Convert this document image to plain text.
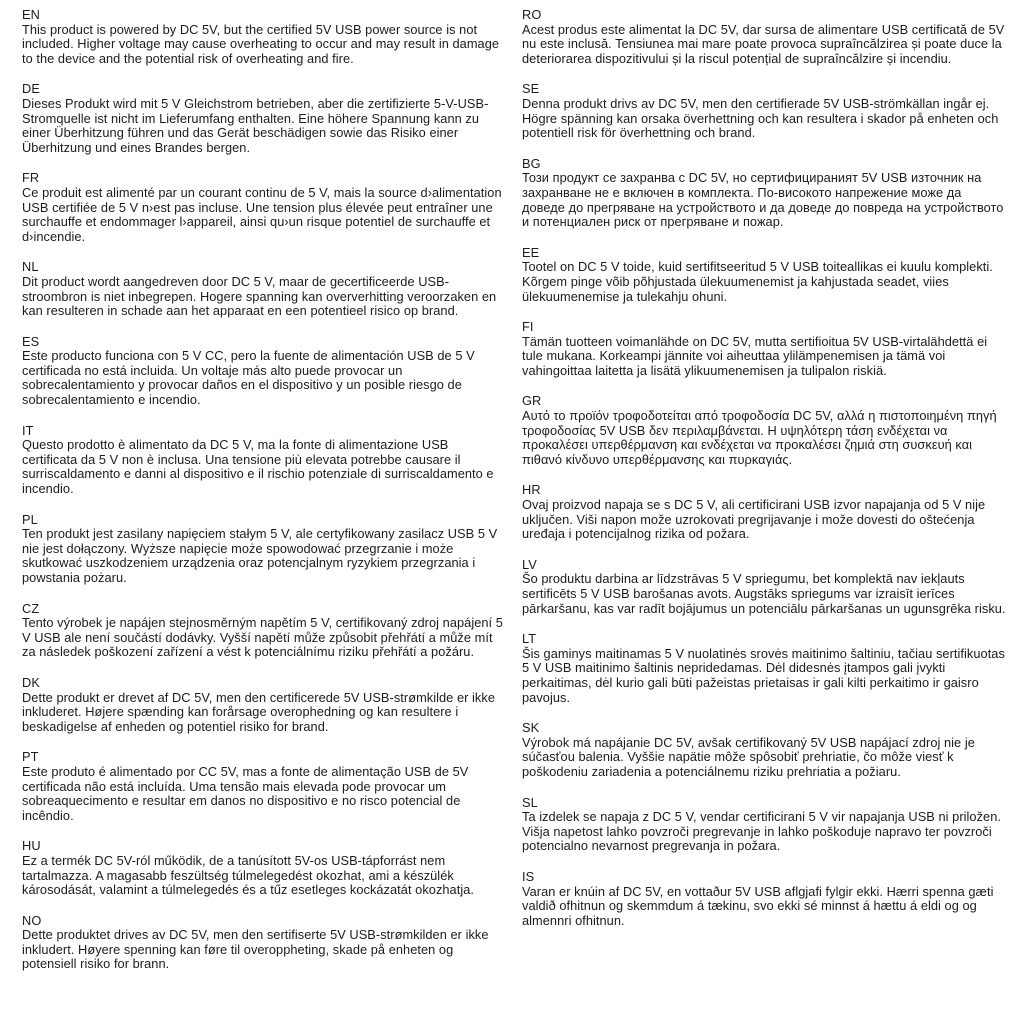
EN

This product is powered by DC 5V, but the certified 5V USB power source is not included. Higher voltage may cause overheating to occur and may result in damage to the device and the potential risk of overheating and fire.

DE

Dieses Produkt wird mit 5 V Gleichstrom betrieben, aber die zertifizierte 5-V-USB-Stromquelle ist nicht im Lieferumfang enthalten. Eine höhere Spannung kann zu einer Überhitzung führen und das Gerät beschädigen sowie das Risiko einer Überhitzung und eines Brandes bergen.

FR

Ce produit est alimenté par un courant continu de 5 V, mais la source d›alimentation USB certifiée de 5 V n›est pas incluse. Une tension plus élevée peut entraîner une surchauffe et endommager l›appareil, ainsi qu›un risque potentiel de surchauffe et d›incendie.

NL

Dit product wordt aangedreven door DC 5 V, maar de gecertificeerde USB-stroombron is niet inbegrepen. Hogere spanning kan oververhitting veroorzaken en kan resulteren in schade aan het apparaat en een potentieel risico op brand.

ES

Este producto funciona con 5 V CC, pero la fuente de alimentación USB de 5 V certificada no está incluida. Un voltaje más alto puede provocar un sobrecalentamiento y provocar daños en el dispositivo y un posible riesgo de sobrecalentamiento e incendio.

IT

Questo prodotto è alimentato da DC 5 V, ma la fonte di alimentazione USB certificata da 5 V non è inclusa. Una tensione più elevata potrebbe causare il surriscaldamento e danni al dispositivo e il rischio potenziale di surriscaldamento e incendio.

PL

Ten produkt jest zasilany napięciem stałym 5 V, ale certyfikowany zasilacz USB 5 V nie jest dołączony. Wyższe napięcie może spowodować przegrzanie i może skutkować uszkodzeniem urządzenia oraz potencjalnym ryzykiem przegrzania i powstania pożaru.

CZ

Tento výrobek je napájen stejnosměrným napětím 5 V, certifikovaný zdroj napájení 5 V USB ale není součástí dodávky. Vyšší napětí může způsobit přehřátí a může mít za následek poškození zařízení a vést k potenciálnímu riziku přehřátí a požáru.

DK

Dette produkt er drevet af DC 5V, men den certificerede 5V USB-strømkilde er ikke inkluderet. Højere spænding kan forårsage overophedning og kan resultere i beskadigelse af enheden og potentiel risiko for brand.

PT

Este produto é alimentado por CC 5V, mas a fonte de alimentação USB de 5V certificada não está incluída. Uma tensão mais elevada pode provocar um sobreaquecimento e resultar em danos no dispositivo e no risco potencial de incêndio.

HU

Ez a termék DC 5V-ról működik, de a tanúsított 5V-os USB-tápforrást nem tartalmazza. A magasabb feszültség túlmelegedést okozhat, ami a készülék károsodását, valamint a túlmelegedés és a tűz esetleges kockázatát okozhatja.

NO

Dette produktet drives av DC 5V, men den sertifiserte 5V USB-strømkilden er ikke inkludert. Høyere spenning kan føre til overoppheting, skade på enheten og potensiell risiko for brann.

RO

Acest produs este alimentat la DC 5V, dar sursa de alimentare USB certificată de 5V nu este inclusă. Tensiunea mai mare poate provoca supraîncălzirea și poate duce la deteriorarea dispozitivului și la riscul potențial de supraîncălzire și incendiu.

SE

Denna produkt drivs av DC 5V, men den certifierade 5V USB-strömkällan ingår ej. Högre spänning kan orsaka överhettning och kan resultera i skador på enheten och potentiell risk för överhettning och brand.

BG

Този продукт се захранва с DC 5V, но сертифицираният 5V USB източник на захранване не е включен в комплекта. По-високото напрежение може да доведе до прегряване на устройството и да доведе до повреда на устройството и потенциален риск от прегряване и пожар.

EE

Tootel on DC 5 V toide, kuid sertifitseeritud 5 V USB toiteallikas ei kuulu komplekti. Kõrgem pinge võib põhjustada ülekuumenemist ja kahjustada seadet, viies ülekuumenemise ja tulekahju ohuni.

FI

Tämän tuotteen voimanlähde on DC 5V, mutta sertifioitua 5V USB-virtalähdettä ei tule mukana. Korkeampi jännite voi aiheuttaa ylilämpenemisen ja tämä voi vahingoittaa laitetta ja lisätä ylikuumenemisen ja tulipalon riskiä.

GR

Αυτό το προϊόν τροφοδοτείται από τροφοδοσία DC 5V, αλλά η πιστοποιημένη πηγή τροφοδοσίας 5V USB δεν περιλαμβάνεται. Η υψηλότερη τάση ενδέχεται να προκαλέσει υπερθέρμανση και ενδέχεται να προκαλέσει ζημιά στη συσκευή και πιθανό κίνδυνο υπερθέρμανσης και πυρκαγιάς.

HR

Ovaj proizvod napaja se s DC 5 V, ali certificirani USB izvor napajanja od 5 V nije uključen. Viši napon može uzrokovati pregrijavanje i može dovesti do oštećenja uređaja i potencijalnog rizika od požara.

LV

Šo produktu darbina ar līdzstrāvas 5 V spriegumu, bet komplektā nav iekļauts sertificēts 5 V USB barošanas avots. Augstāks spriegums var izraisīt ierīces pārkaršanu, kas var radīt bojājumus un potenciālu pārkaršanas un ugunsgrēka risku.

LT

Šis gaminys maitinamas 5 V nuolatinės srovės maitinimo šaltiniu, tačiau sertifikuotas 5 V USB maitinimo šaltinis nepridedamas. Dėl didesnės įtampos gali įvykti perkaitimas, dėl kurio gali būti pažeistas prietaisas ir gali kilti perkaitimo ir gaisro pavojus.

SK

Výrobok má napájanie DC 5V, avšak certifikovaný 5V USB napájací zdroj nie je súčasťou balenia. Vyššie napätie môže spôsobiť prehriatie, čo môže viesť k poškodeniu zariadenia a potenciálnemu riziku prehriatia a požiaru.

SL

Ta izdelek se napaja z DC 5 V, vendar certificirani 5 V vir napajanja USB ni priložen. Višja napetost lahko povzroči pregrevanje in lahko poškoduje napravo ter povzroči potencialno nevarnost pregrevanja in požara.

IS

Varan er knúin af DC 5V, en vottaður 5V USB aflgjafi fylgir ekki. Hærri spenna gæti valdið ofhitnun og skemmdum á tækinu, svo ekki sé minnst á hættu á eldi og og almennri ofhitnun.
